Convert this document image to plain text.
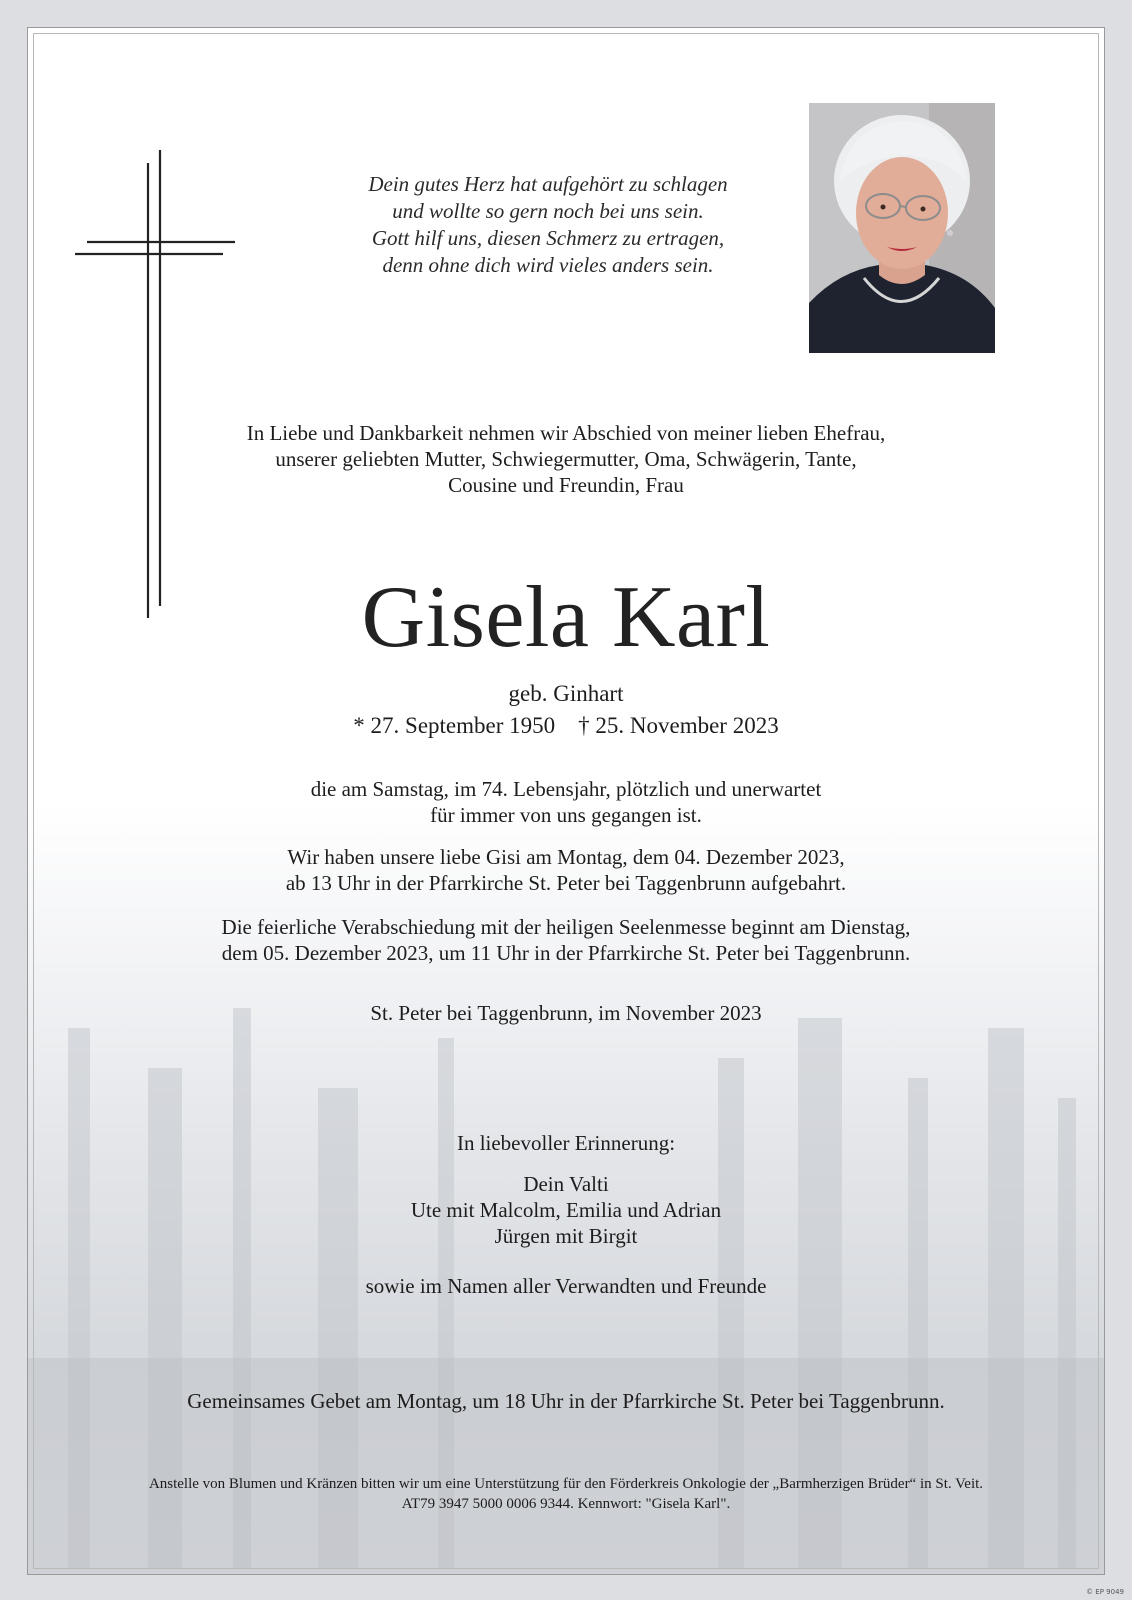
Dein gutes Herz hat aufgehört zu schlagen
und wollte so gern noch bei uns sein.
Gott hilf uns, diesen Schmerz zu ertragen,
denn ohne dich wird vieles anders sein.
In Liebe und Dankbarkeit nehmen wir Abschied von meiner lieben Ehefrau,
unserer geliebten Mutter, Schwiegermutter, Oma, Schwägerin, Tante,
Cousine und Freundin, Frau
Gisela Karl
geb. Ginhart
* 27. September 1950 † 25. November 2023
die am Samstag, im 74. Lebensjahr, plötzlich und unerwartet
für immer von uns gegangen ist.
Wir haben unsere liebe Gisi am Montag, dem 04. Dezember 2023,
ab 13 Uhr in der Pfarrkirche St. Peter bei Taggenbrunn aufgebahrt.
Die feierliche Verabschiedung mit der heiligen Seelenmesse beginnt am Dienstag,
dem 05. Dezember 2023, um 11 Uhr in der Pfarrkirche St. Peter bei Taggenbrunn.
St. Peter bei Taggenbrunn, im November 2023
In liebevoller Erinnerung:
Dein Valti
Ute mit Malcolm, Emilia und Adrian
Jürgen mit Birgit
sowie im Namen aller Verwandten und Freunde
Gemeinsames Gebet am Montag, um 18 Uhr in der Pfarrkirche St. Peter bei Taggenbrunn.
Anstelle von Blumen und Kränzen bitten wir um eine Unterstützung für den Förderkreis Onkologie der „Barmherzigen Brüder“ in St. Veit.
AT79 3947 5000 0006 9344. Kennwort: "Gisela Karl".
© EP 9049
